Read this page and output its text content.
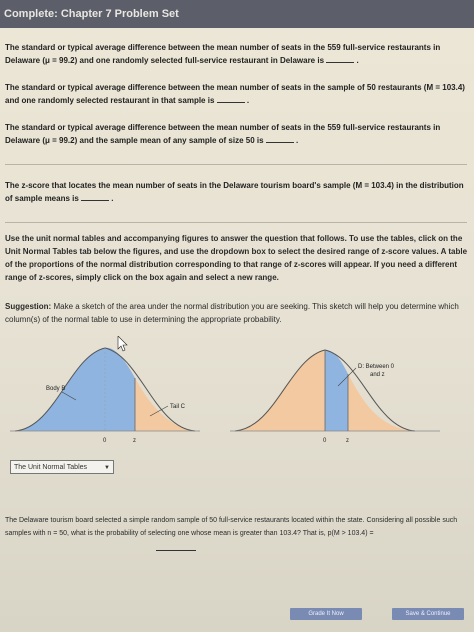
Complete: Chapter 7 Problem Set
The standard or typical average difference between the mean number of seats in the 559 full-service restaurants in Delaware (μ = 99.2) and one randomly selected full-service restaurant in Delaware is	.
The standard or typical average difference between the mean number of seats in the sample of 50 restaurants (M = 103.4) and one randomly selected restaurant in that sample is	.
The standard or typical average difference between the mean number of seats in the 559 full-service restaurants in Delaware (μ = 99.2) and the sample mean of any sample of size 50 is	.
The z-score that locates the mean number of seats in the Delaware tourism board's sample (M = 103.4) in the distribution of sample means is	.
Use the unit normal tables and accompanying figures to answer the question that follows. To use the tables, click on the Unit Normal Tables tab below the figures, and use the dropdown box to select the desired range of z-score values. A table of the proportions of the normal distribution corresponding to that range of z-scores will appear. If you need a different range of z-scores, simply click on the box again and select a new range.
Suggestion: Make a sketch of the area under the normal distribution you are seeking. This sketch will help you determine which column(s) of the normal table to use in determining the appropriate probability.
Body B
Tail C
0	z
D: Between 0
and z
0	z
The Unit Normal Tables	▼
The Delaware tourism board selected a simple random sample of 50 full-service restaurants located within the state. Considering all possible such samples with n = 50, what is the probability of selecting one whose mean is greater than 103.4? That is, p(M > 103.4) =
Grade It Now	Save & Continue
